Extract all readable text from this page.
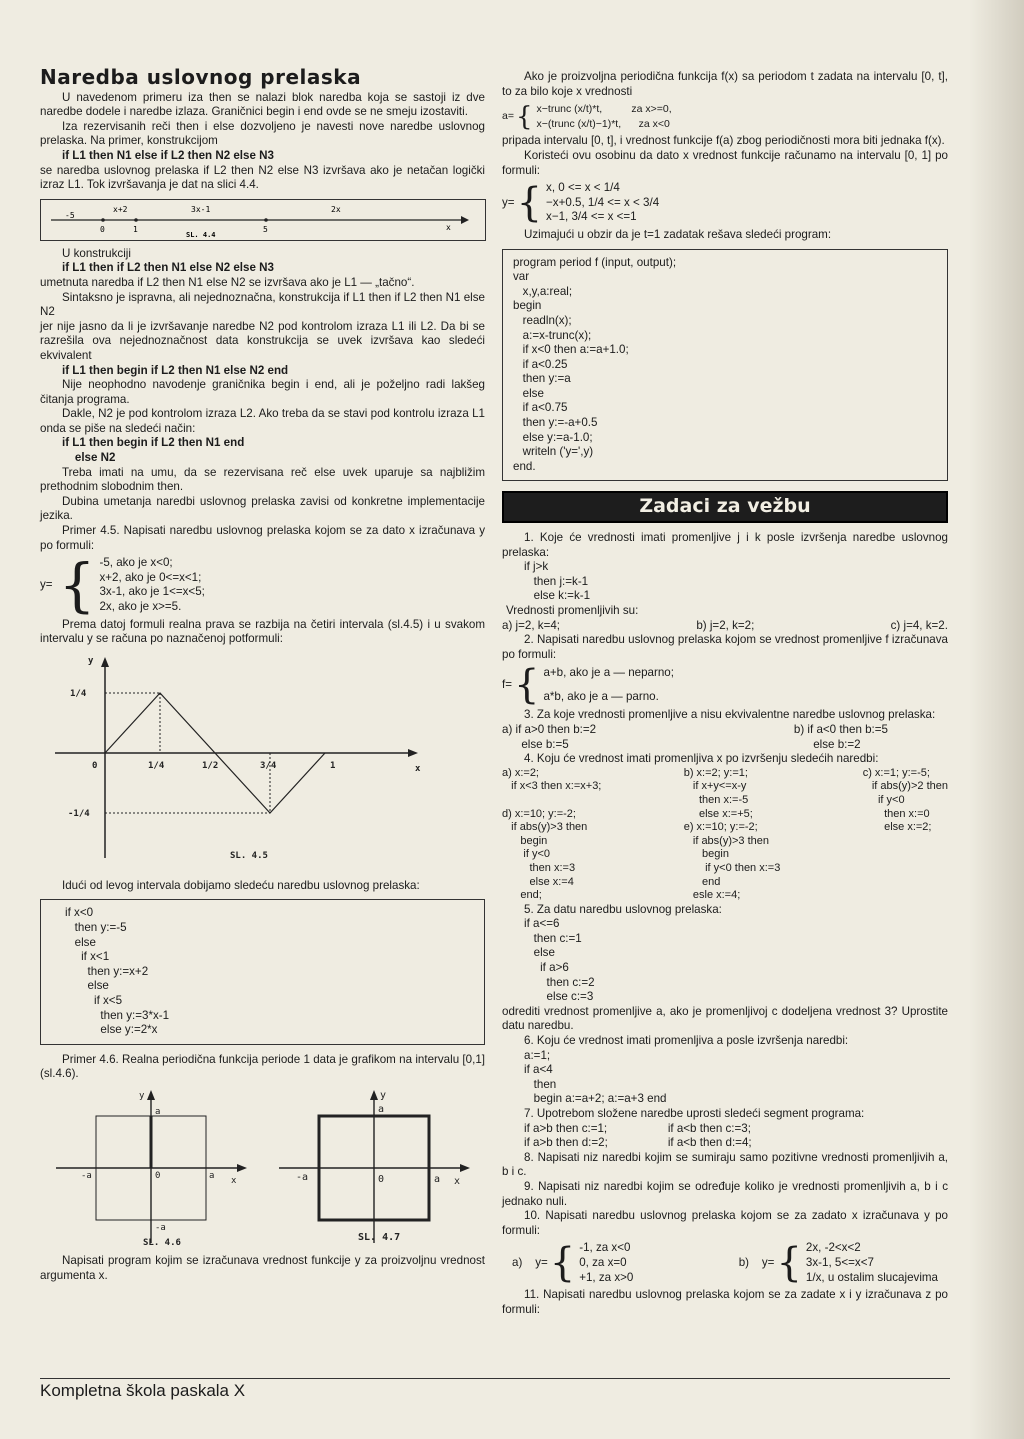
Naredba uslovnog prelaska

U navedenom primeru iza then se nalazi blok naredba koja se sastoji iz dve naredbe dodele i naredbe izlaza. Graničnici begin i end ovde se ne smeju izostaviti.

Iza rezervisanih reči then i else dozvoljeno je navesti nove naredbe uslovnog prelaska. Na primer, konstrukcijom

if L1 then N1 else if L2 then N2 else N3

se naredba uslovnog prelaska if L2 then N2 else N3 izvršava ako je netačan logički izraz L1. Tok izvršavanja je dat na slici 4.4.

x+2	3x-1	2x
-5
0	1	5	x
SL. 4.4

U konstrukciji

if L1 then if L2 then N1 else N2 else N3

umetnuta naredba if L2 then N1 else N2 se izvršava ako je L1 — „tačno“.

Sintaksno je ispravna, ali nejednoznačna, konstrukcija if L1 then if L2 then N1 else N2

jer nije jasno da li je izvršavanje naredbe N2 pod kontrolom izraza L1 ili L2. Da bi se razrešila ova nejednoznačnost data konstrukcija se uvek izvršava kao sledeći ekvivalent

if L1 then begin if L2 then N1 else N2 end

Nije neophodno navodenje graničnika begin i end, ali je poželjno radi lakšeg čitanja programa.

Dakle, N2 je pod kontrolom izraza L2. Ako treba da se stavi pod kontrolu izraza L1 onda se piše na sledeći način:

if L1 then begin if L2 then N1 end
else N2

Treba imati na umu, da se rezervisana reč else uvek uparuje sa najbližim prethodnim slobodnim then.

Dubina umetanja naredbi uslovnog prelaska zavisi od konkretne implementacije jezika.

Primer 4.5. Napisati naredbu uslovnog prelaska kojom se za dato x izračunava y po formuli:

y= { -5, ako je x<0;
x+2, ako je 0<=x<1;
3x-1, ako je 1<=x<5;
2x, ako je x>=5.

Prema datoj formuli realna prava se razbija na četiri intervala (sl.4.5) i u svakom intervalu y se računa po naznačenoj potformuli:

y
1/4
0	1/4	1/2	3/4	1	x
-1/4
SL. 4.5

Idući od levog intervala dobijamo sledeću naredbu uslovnog prelaska:

if x<0
then y:=-5
else
if x<1
then y:=x+2
else
if x<5
then y:=3*x-1
else y:=2*x

Primer 4.6. Realna periodična funkcija periode 1 data je grafikom na intervalu [0,1] (sl.4.6).

y
a
-a	0	a x
-a
SL. 4.6
y
a
-a	0	a x
SL. 4.7

Napisati program kojim se izračunava vrednost funkcije y za proizvoljnu vrednost argumenta x.

Ako je proizvoljna periodična funkcija f(x) sa periodom t zadata na intervalu [0, t], to za bilo koje x vrednosti

a= { x−trunc (x/t)*t,          za x>=0,
x−(trunc (x/t)−1)*t,      za x<0

pripada intervalu [0, t], i vrednost funkcije f(a) zbog periodičnosti mora biti jednaka f(x).

Koristeći ovu osobinu da dato x vrednost funkcije računamo na intervalu [0, 1] po formuli:

y= { x, 0 <= x < 1/4
−x+0.5, 1/4 <= x < 3/4
x−1, 3/4 <= x <=1

Uzimajući u obzir da je t=1 zadatak rešava sledeći program:

program period f (input, output);
var
x,y,a:real;
begin
readln(x);
a:=x-trunc(x);
if x<0 then a:=a+1.0;
if a<0.25
then y:=a
else
if a<0.75
then y:=-a+0.5
else y:=a-1.0;
writeln ('y=',y)
end.

Zadaci za vežbu

1. Koje će vrednosti imati promenljive j i k posle izvršenja naredbe uslovnog prelaska:

if j>k
then j:=k-1
else k:=k-1

Vrednosti promenljivih su:

a) j=2, k=4;	b) j=2, k=2;	c) j=4, k=2.

2. Napisati naredbu uslovnog prelaska kojom se vrednost promenljive f izračunava po formuli:

f= { a+b, ako je a — neparno;
a*b, ako je a — parno.

3. Za koje vrednosti promenljive a nisu ekvivalentne naredbe uslovnog prelaska:

a) if a>0 then b:=2
else b:=5

b) if a<0 then b:=5
else b:=2

4. Koju će vrednost imati promenljiva x po izvršenju sledećih naredbi:

a) x:=2;
if x<3 then x:=x+3;

d) x:=10; y:=-2;
if abs(y)>3 then
begin
if y<0
then x:=3
else x:=4
end;

b) x:=2; y:=1;
if x+y<=x-y
then x:=-5
else x:=+5;
e) x:=10; y:=-2;
if abs(y)>3 then
begin
if y<0 then x:=3
end
esle x:=4;

c) x:=1; y:=-5;
if abs(y)>2 then
if y<0
then x:=0
else x:=2;

5. Za datu naredbu uslovnog prelaska:

if a<=6
then c:=1
else
if a>6
then c:=2
else c:=3

odrediti vrednost promenljive a, ako je promenljivoj c dodeljena vrednost 3? Uprostite datu naredbu.

6. Koju će vrednost imati promenljiva a posle izvršenja naredbi:

a:=1;
if a<4
then
begin a:=a+2; a:=a+3 end

7. Upotrebom složene naredbe uprosti sledeći segment programa:

if a>b then c:=1;
if a>b then d:=2;

if a<b then c:=3;
if a<b then d:=4;

8. Napisati niz naredbi kojim se sumiraju samo pozitivne vrednosti promenljivih a, b i c.

9. Napisati niz naredbi kojim se određuje koliko je vrednosti promenljivih a, b i c jednako nuli.

10. Napisati naredbu uslovnog prelaska kojom se za zadato x izračunava y po formuli:

a)    y= { -1, za x<0
0, za x=0
+1, za x>0
b)    y= { 2x, -2<x<2
3x-1, 5<=x<7
1/x, u ostalim slucajevima

11. Napisati naredbu uslovnog prelaska kojom se za zadate x i y izračunava z po formuli:

Kompletna škola paskala X
